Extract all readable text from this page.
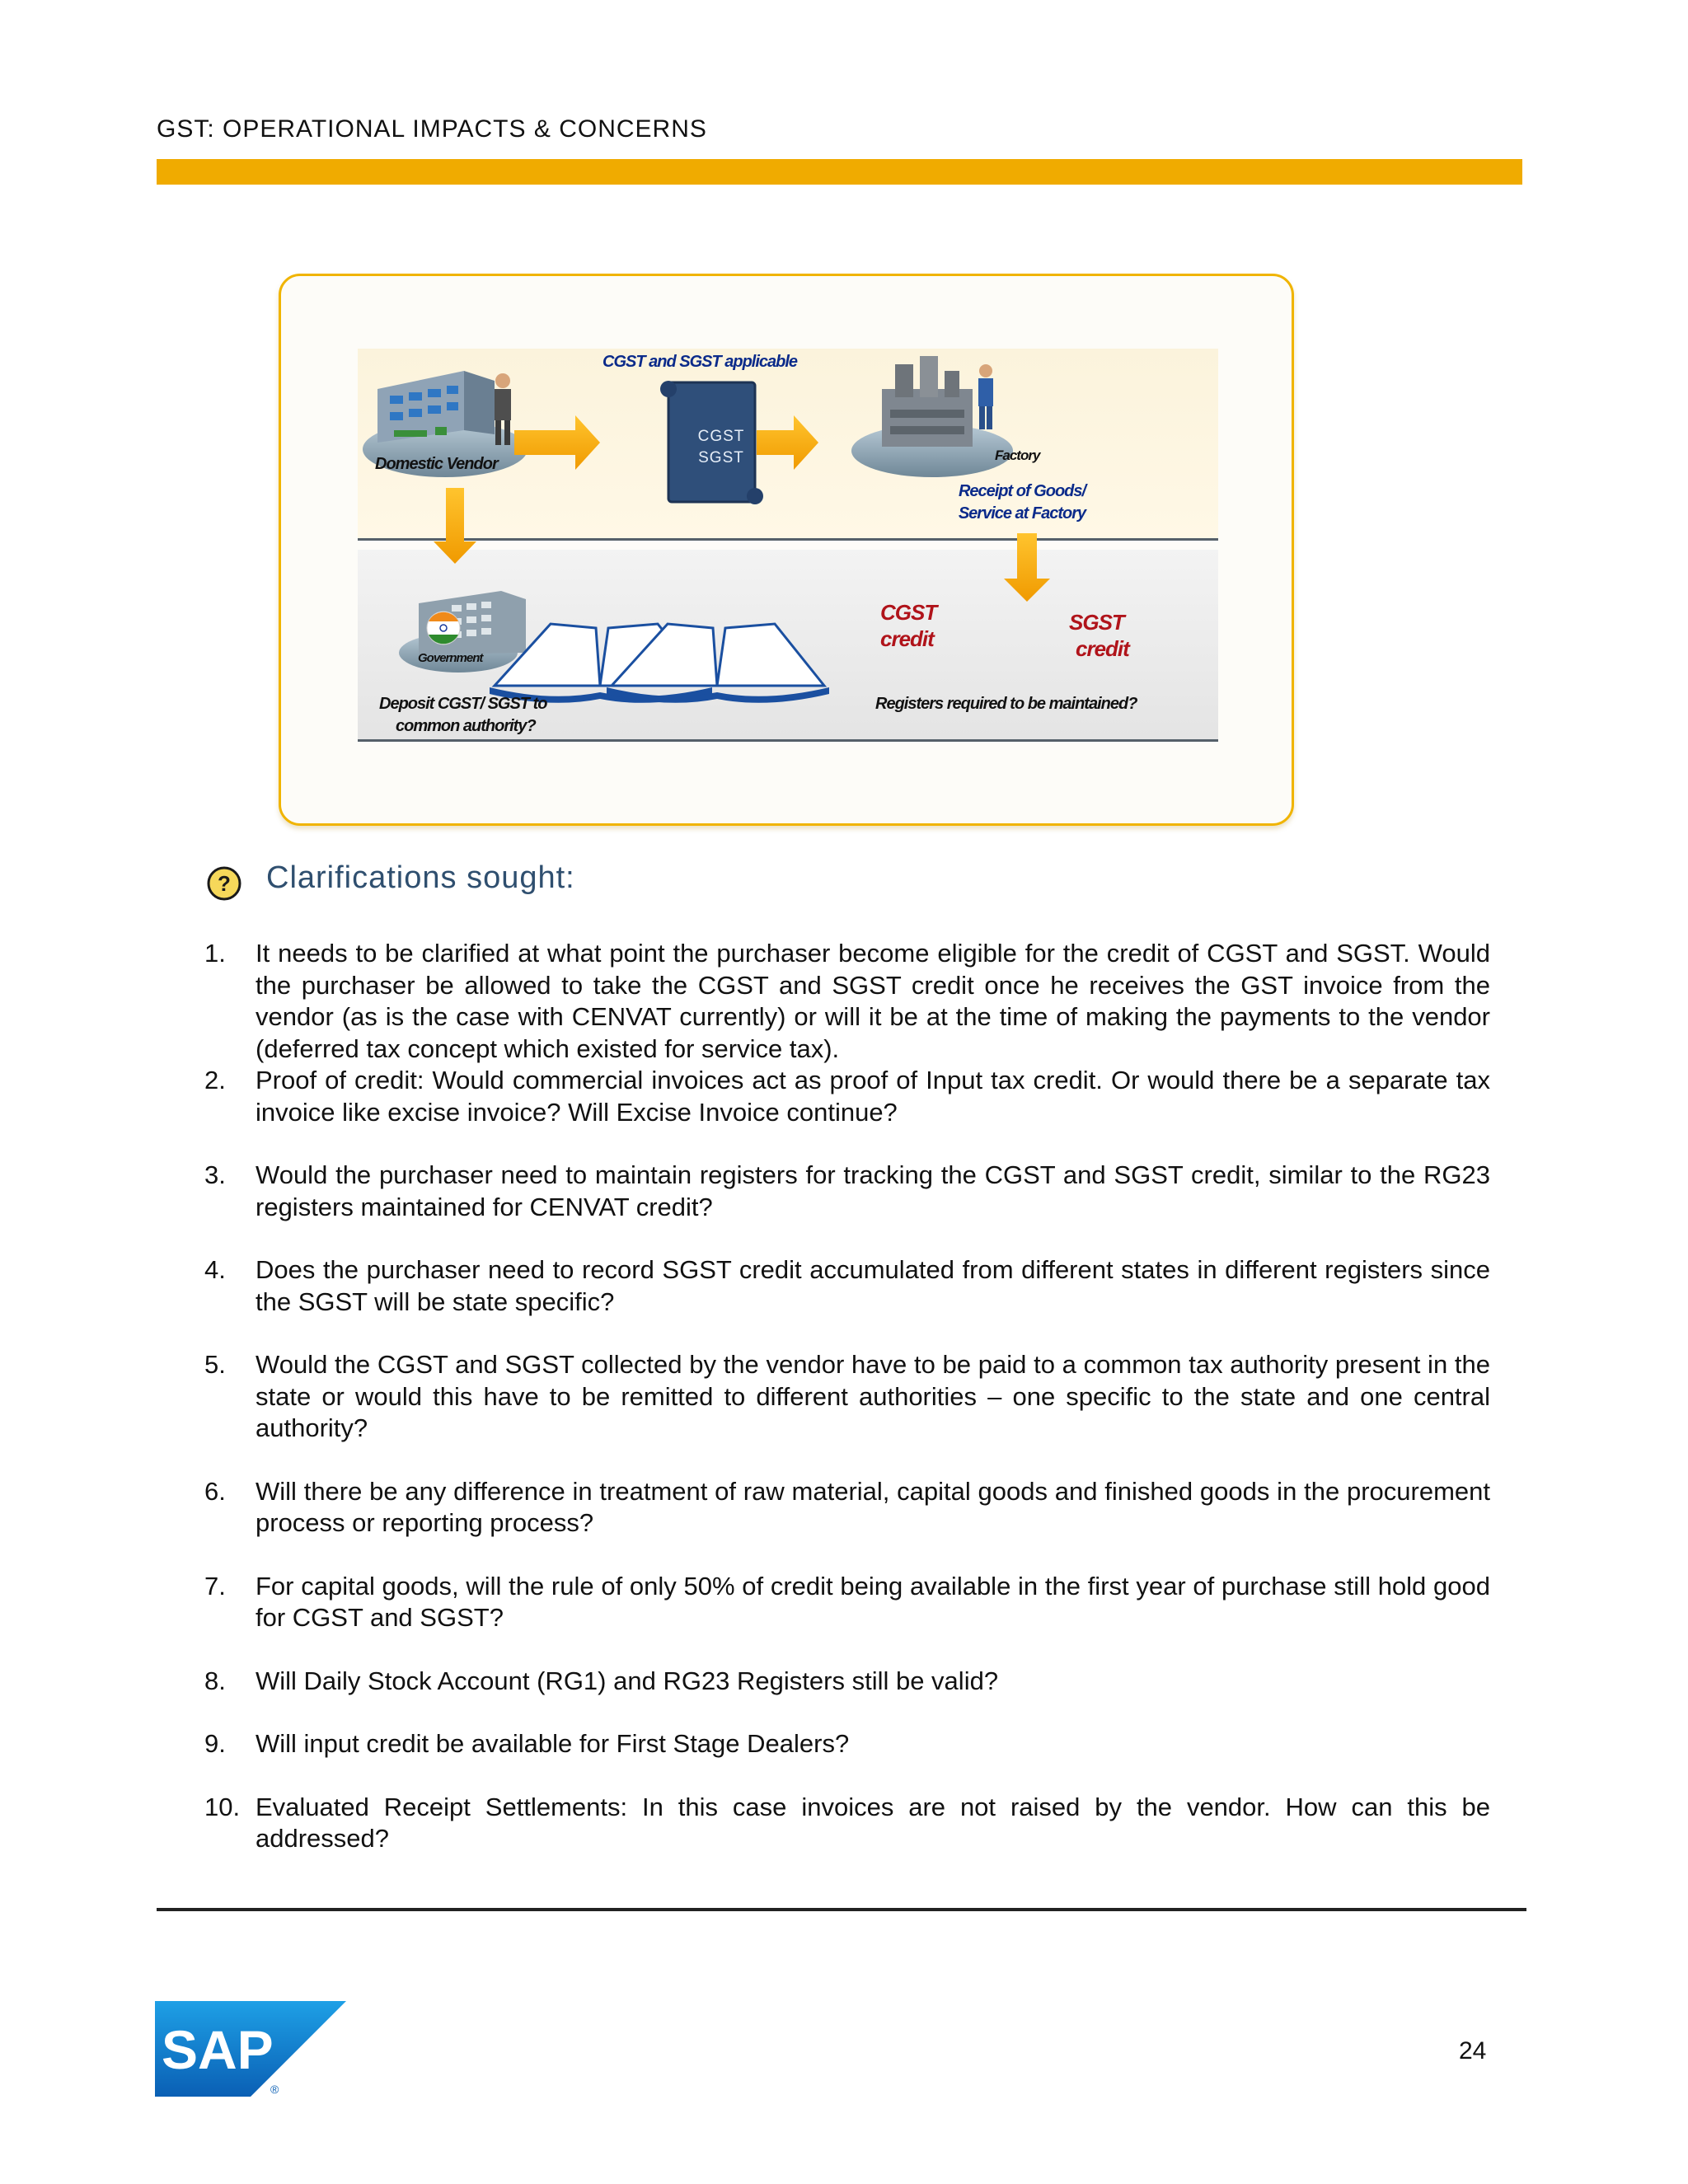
GST: OPERATIONAL IMPACTS & CONCERNS
CGST and SGST applicable
CGST
SGST
Domestic Vendor	Factory
Receipt of Goods/
Service at Factory
Government
Deposit CGST/ SGST to
common authority?
CGST
credit
SGST
credit
Registers required to be maintained?
? Clarifications sought:
1. It needs to be clarified at what point the purchaser become eligible for the credit of CGST and SGST. Would the purchaser be allowed to take the CGST and SGST credit once he receives the GST invoice from the vendor (as is the case with CENVAT currently) or will it be at the time of making the payments to the vendor (deferred tax concept which existed for service tax).
2. Proof of credit: Would commercial invoices act as proof of Input tax credit. Or would there be a separate tax invoice like excise invoice? Will Excise Invoice continue?
3. Would the purchaser need to maintain registers for tracking the CGST and SGST credit, similar to the RG23 registers maintained for CENVAT credit?
4. Does the purchaser need to record SGST credit accumulated from different states in different registers since the SGST will be state specific?
5. Would the CGST and SGST collected by the vendor have to be paid to a common tax authority present in the state or would this have to be remitted to different authorities – one specific to the state and one central authority?
6. Will there be any difference in treatment of raw material, capital goods and finished goods in the procurement process or reporting process?
7. For capital goods, will the rule of only 50% of credit being available in the first year of purchase still hold good for CGST and SGST?
8. Will Daily Stock Account (RG1) and RG23 Registers still be valid?
9. Will input credit be available for First Stage Dealers?
10. Evaluated Receipt Settlements: In this case invoices are not raised by the vendor. How can this be addressed?
SAP
®
24
